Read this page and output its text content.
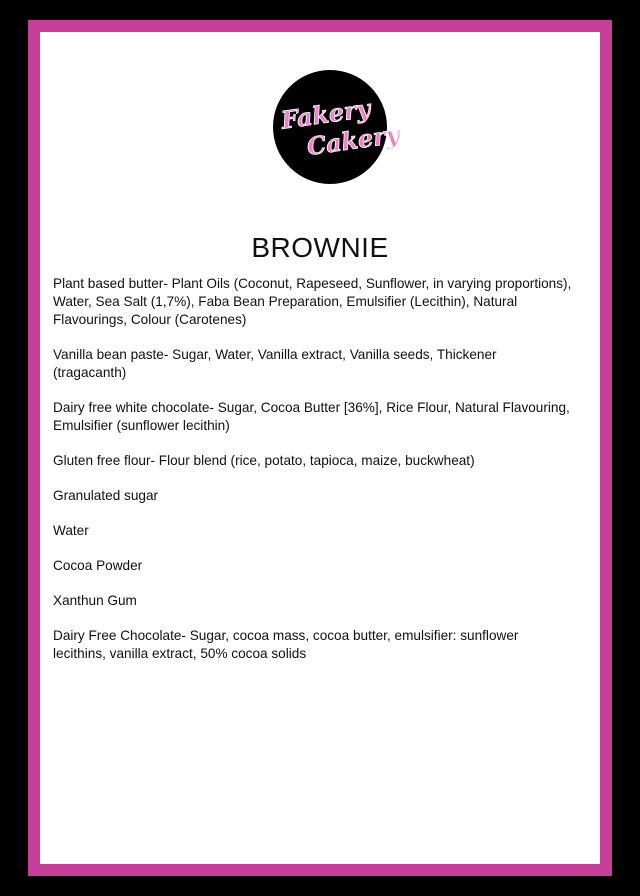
Fakery
Cakery
BROWNIE
Plant based butter- Plant Oils (Coconut, Rapeseed, Sunflower, in varying proportions), Water, Sea Salt (1,7%), Faba Bean Preparation, Emulsifier (Lecithin), Natural Flavourings, Colour (Carotenes)
Vanilla bean paste- Sugar, Water, Vanilla extract, Vanilla seeds, Thickener (tragacanth)
Dairy free white chocolate- Sugar, Cocoa Butter [36%], Rice Flour, Natural Flavouring, Emulsifier (sunflower lecithin)
Gluten free flour- Flour blend (rice, potato, tapioca, maize, buckwheat)
Granulated sugar
Water
Cocoa Powder
Xanthun Gum
Dairy Free Chocolate- Sugar, cocoa mass, cocoa butter, emulsifier: sunflower lecithins, vanilla extract, 50% cocoa solids
